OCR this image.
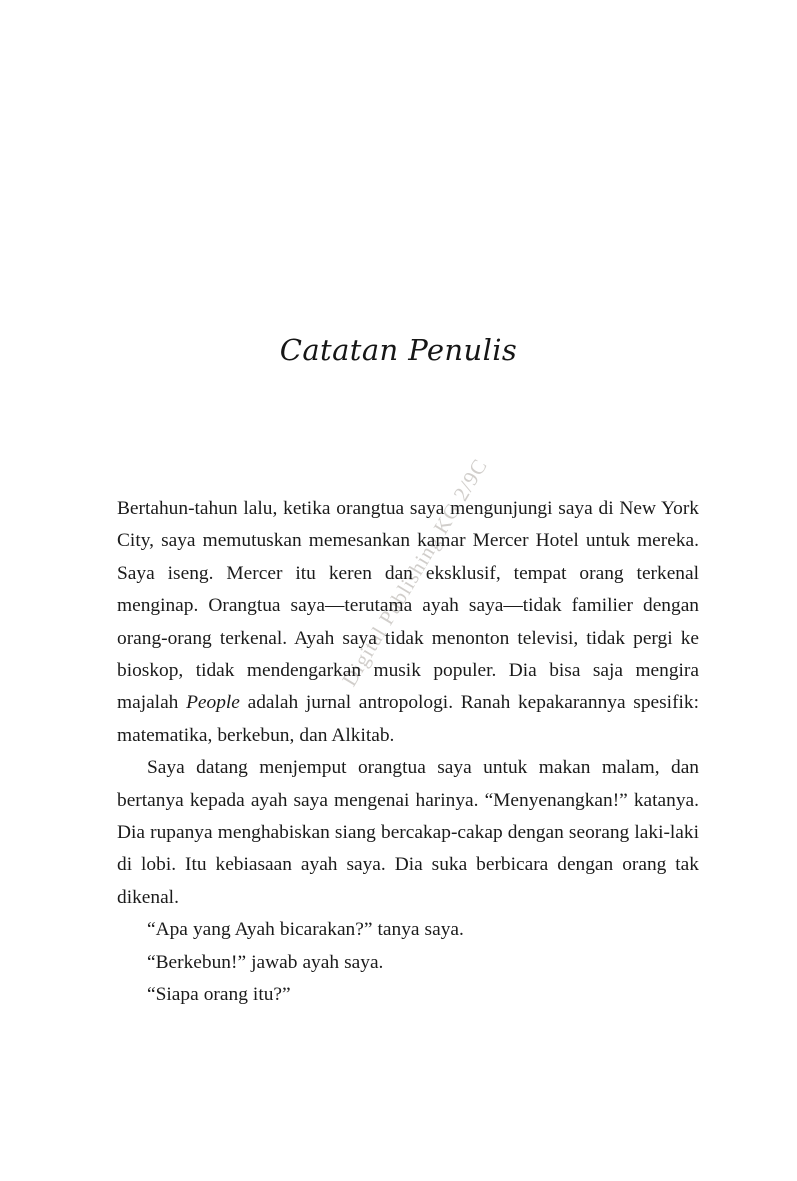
Digital Publishing KG 2/9C
Catatan Penulis

Bertahun-tahun lalu, ketika orangtua saya mengunjungi saya di New York City, saya memutuskan memesankan kamar Mercer Hotel untuk mereka. Saya iseng. Mercer itu keren dan eksklusif, tempat orang terkenal menginap. Orangtua saya—terutama ayah saya—tidak familier dengan orang-orang terkenal. Ayah saya tidak menonton televisi, tidak pergi ke bioskop, tidak mendengarkan musik populer. Dia bisa saja mengira majalah People adalah jurnal antropologi. Ranah kepakarannya spesifik: matematika, berkebun, dan Alkitab.

Saya datang menjemput orangtua saya untuk makan malam, dan bertanya kepada ayah saya mengenai harinya. “Menyenangkan!” katanya. Dia rupanya menghabiskan siang bercakap-cakap dengan seorang laki-laki di lobi. Itu kebiasaan ayah saya. Dia suka berbicara dengan orang tak dikenal.

“Apa yang Ayah bicarakan?” tanya saya.

“Berkebun!” jawab ayah saya.

“Siapa orang itu?”
